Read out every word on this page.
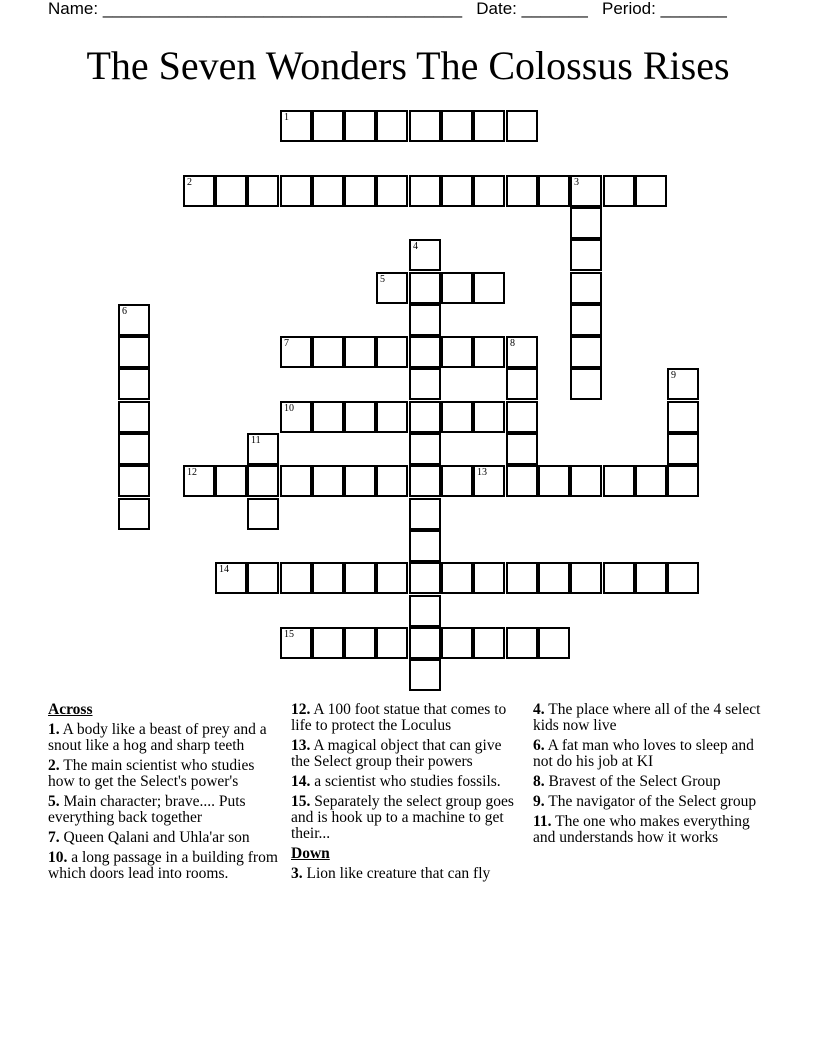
Name: ______________________________________ Date: _______ Period: _______
The Seven Wonders The Colossus Rises
1
2	3
4
5
6
7	8
9
10
11
12	13
14
15
Across
1. A body like a beast of prey and a snout like a hog and sharp teeth
2. The main scientist who studies how to get the Select's power's
5. Main character; brave.... Puts everything back together
7. Queen Qalani and Uhla'ar son
10. a long passage in a building from which doors lead into rooms.
12. A 100 foot statue that comes to life to protect the Loculus
13. A magical object that can give the Select group their powers
14. a scientist who studies fossils.
15. Separately the select group goes and is hook up to a machine to get their...
Down
3. Lion like creature that can fly
4. The place where all of the 4 select kids now live
6. A fat man who loves to sleep and not do his job at KI
8. Bravest of the Select Group
9. The navigator of the Select group
11. The one who makes everything and understands how it works
